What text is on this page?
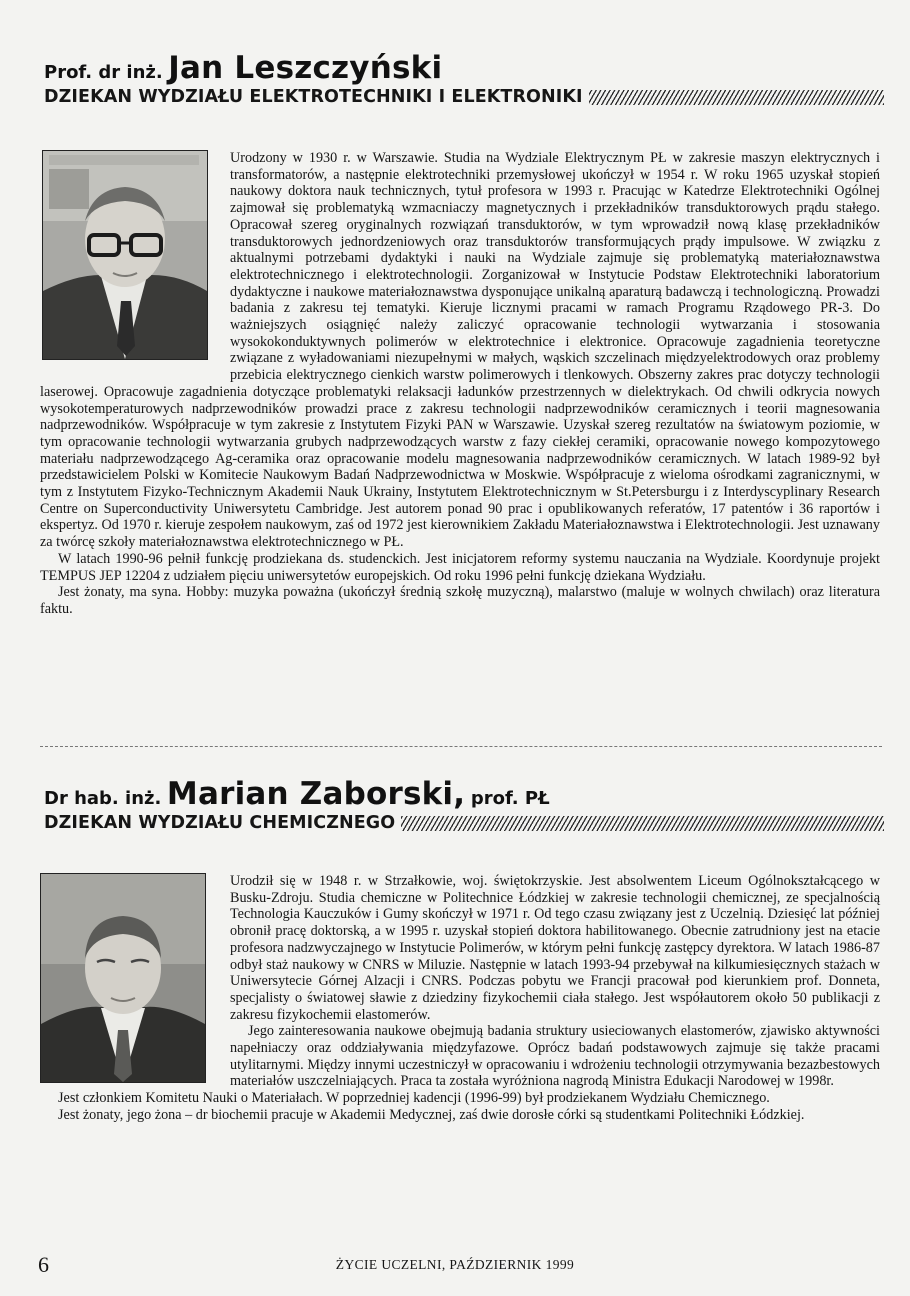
Prof. dr inż. Jan Leszczyński
DZIEKAN WYDZIAŁU ELEKTROTECHNIKI I ELEKTRONIKI

Urodzony w 1930 r. w Warszawie. Studia na Wydziale Elektrycznym PŁ w zakresie maszyn elektrycznych i transformatorów, a następnie elektrotechniki przemysłowej ukończył w 1954 r. W roku 1965 uzyskał stopień naukowy doktora nauk technicznych, tytuł profesora w 1993 r. Pracując w Katedrze Elektrotechniki Ogólnej zajmował się problematyką wzmacniaczy magnetycznych i przekładników transduktorowych prądu stałego. Opracował szereg oryginalnych rozwiązań transduktorów, w tym wprowadził nową klasę przekładników transduktorowych jednordzeniowych oraz transduktorów transformujących prądy impulsowe. W związku z aktualnymi potrzebami dydaktyki i nauki na Wydziale zajmuje się problematyką materiałoznawstwa elektrotechnicznego i elektrotechnologii. Zorganizował w Instytucie Podstaw Elektrotechniki laboratorium dydaktyczne i naukowe materiałoznawstwa dysponujące unikalną aparaturą badawczą i technologiczną. Prowadzi badania z zakresu tej tematyki. Kieruje licznymi pracami w ramach Programu Rządowego PR-3. Do ważniejszych osiągnięć należy zaliczyć opracowanie technologii wytwarzania i stosowania wysokokonduktywnych polimerów w elektrotechnice i elektronice. Opracowuje zagadnienia teoretyczne związane z wyładowaniami niezupełnymi w małych, wąskich szczelinach międzyelektrodowych oraz problemy przebicia elektrycznego cienkich warstw polimerowych i tlenkowych. Obszerny zakres prac dotyczy technologii laserowej. Opracowuje zagadnienia dotyczące problematyki relaksacji ładunków przestrzennych w dielektrykach. Od chwili odkrycia nowych wysokotemperaturowych nadprzewodników prowadzi prace z zakresu technologii nadprzewodników ceramicznych i teorii magnesowania nadprzewodników. Współpracuje w tym zakresie z Instytutem Fizyki PAN w Warszawie. Uzyskał szereg rezultatów na światowym poziomie, w tym opracowanie technologii wytwarzania grubych nadprzewodzących warstw z fazy ciekłej ceramiki, opracowanie nowego kompozytowego materiału nadprzewodzącego Ag-ceramika oraz opracowanie modelu magnesowania nadprzewodników ceramicznych. W latach 1989-92 był przedstawicielem Polski w Komitecie Naukowym Badań Nadprzewodnictwa w Moskwie. Współpracuje z wieloma ośrodkami zagranicznymi, w tym z Instytutem Fizyko-Technicznym Akademii Nauk Ukrainy, Instytutem Elektrotechnicznym w St.Petersburgu i z Interdyscyplinary Research Centre on Superconductivity Uniwersytetu Cambridge. Jest autorem ponad 90 prac i opublikowanych referatów, 17 patentów i 36 raportów i ekspertyz. Od 1970 r. kieruje zespołem naukowym, zaś od 1972 jest kierownikiem Zakładu Materiałoznawstwa i Elektrotechnologii. Jest uznawany za twórcę szkoły materiałoznawstwa elektrotechnicznego w PŁ.

W latach 1990-96 pełnił funkcję prodziekana ds. studenckich. Jest inicjatorem reformy systemu nauczania na Wydziale. Koordynuje projekt TEMPUS JEP 12204 z udziałem pięciu uniwersytetów europejskich. Od roku 1996 pełni funkcję dziekana Wydziału.

Jest żonaty, ma syna. Hobby: muzyka poważna (ukończył średnią szkołę muzyczną), malarstwo (maluje w wolnych chwilach) oraz literatura faktu.

Dr hab. inż. Marian Zaborski, prof. PŁ
DZIEKAN WYDZIAŁU CHEMICZNEGO

Urodził się w 1948 r. w Strzałkowie, woj. świętokrzyskie. Jest absolwentem Liceum Ogólnokształcącego w Busku-Zdroju. Studia chemiczne w Politechnice Łódzkiej w zakresie technologii chemicznej, ze specjalnością Technologia Kauczuków i Gumy skończył w 1971 r. Od tego czasu związany jest z Uczelnią. Dziesięć lat później obronił pracę doktorską, a w 1995 r. uzyskał stopień doktora habilitowanego. Obecnie zatrudniony jest na etacie profesora nadzwyczajnego w Instytucie Polimerów, w którym pełni funkcję zastępcy dyrektora. W latach 1986-87 odbył staż naukowy w CNRS w Miluzie. Następnie w latach 1993-94 przebywał na kilkumiesięcznych stażach w Uniwersytecie Górnej Alzacji i CNRS. Podczas pobytu we Francji pracował pod kierunkiem prof. Donneta, specjalisty o światowej sławie z dziedziny fizykochemii ciała stałego. Jest współautorem około 50 publikacji z zakresu fizykochemii elastomerów.

Jego zainteresowania naukowe obejmują badania struktury usieciowanych elastomerów, zjawisko aktywności napełniaczy oraz oddziaływania międzyfazowe. Oprócz badań podstawowych zajmuje się także pracami utylitarnymi. Między innymi uczestniczył w opracowaniu i wdrożeniu technologii otrzymywania bezazbestowych materiałów uszczelniających. Praca ta została wyróżniona nagrodą Ministra Edukacji Narodowej w 1998r.

Jest członkiem Komitetu Nauki o Materiałach. W poprzedniej kadencji (1996-99) był prodziekanem Wydziału Chemicznego.

Jest żonaty, jego żona – dr biochemii pracuje w Akademii Medycznej, zaś dwie dorosłe córki są studentkami Politechniki Łódzkiej.

6	ŻYCIE UCZELNI, PAŹDZIERNIK 1999
